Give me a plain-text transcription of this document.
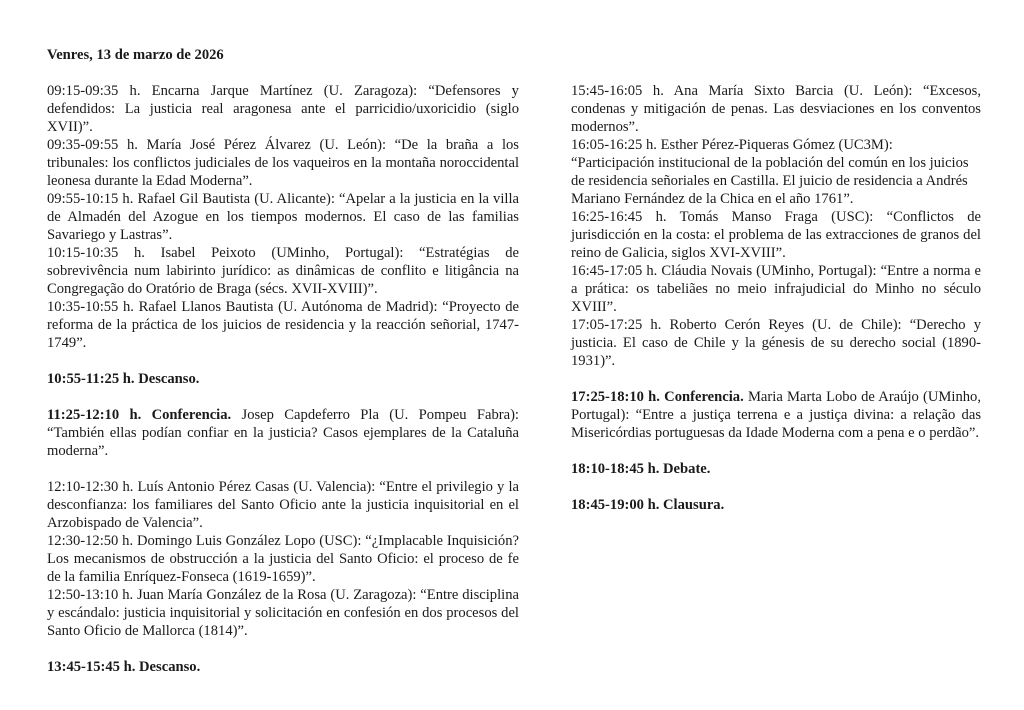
Venres, 13 de marzo de 2026

09:15-09:35 h. Encarna Jarque Martínez (U. Zaragoza): “Defensores y defendidos: La justicia real aragonesa ante el parricidio/uxoricidio (siglo XVII)”.

09:35-09:55 h. María José Pérez Álvarez (U. León): “De la braña a los tribunales: los conflictos judiciales de los vaqueiros en la montaña noroccidental leonesa durante la Edad Moderna”.

09:55-10:15 h. Rafael Gil Bautista (U. Alicante): “Apelar a la justicia en la villa de Almadén del Azogue en los tiempos modernos. El caso de las familias Savariego y Lastras”.

10:15-10:35 h. Isabel Peixoto (UMinho, Portugal): “Estratégias de sobrevivência num labirinto jurídico: as dinâmicas de conflito e litigância na Congregação do Oratório de Braga (sécs. XVII-XVIII)”.

10:35-10:55 h. Rafael Llanos Bautista (U. Autónoma de Madrid): “Proyecto de reforma de la práctica de los juicios de residencia y la reacción señorial, 1747-1749”.

10:55-11:25 h. Descanso.

11:25-12:10 h. Conferencia. Josep Capdeferro Pla (U. Pompeu Fabra): “También ellas podían confiar en la justicia? Casos ejemplares de la Cataluña moderna”.

12:10-12:30 h. Luís Antonio Pérez Casas (U. Valencia): “Entre el privilegio y la desconfianza: los familiares del Santo Oficio ante la justicia inquisitorial en el Arzobispado de Valencia”.

12:30-12:50 h. Domingo Luis González Lopo (USC): “¿Implacable Inquisición? Los mecanismos de obstrucción a la justicia del Santo Oficio: el proceso de fe de la familia Enríquez-Fonseca (1619-1659)”.

12:50-13:10 h. Juan María González de la Rosa (U. Zaragoza): “Entre disciplina y escándalo: justicia inquisitorial y solicitación en confesión en dos procesos del Santo Oficio de Mallorca (1814)”.

13:45-15:45 h. Descanso.

15:45-16:05 h. Ana María Sixto Barcia (U. León): “Excesos, condenas y mitigación de penas. Las desviaciones en los conventos modernos”.

16:05-16:25 h. Esther Pérez-Piqueras Gómez (UC3M):
“Participación institucional de la población del común en los juicios de residencia señoriales en Castilla. El juicio de residencia a Andrés Mariano Fernández de la Chica en el año 1761”.

16:25-16:45 h. Tomás Manso Fraga (USC): “Conflictos de jurisdicción en la costa: el problema de las extracciones de granos del reino de Galicia, siglos XVI-XVIII”.

16:45-17:05 h. Cláudia Novais (UMinho, Portugal): “Entre a norma e a prática: os tabeliães no meio infrajudicial do Minho no século XVIII”.

17:05-17:25 h. Roberto Cerón Reyes (U. de Chile): “Derecho y justicia. El caso de Chile y la génesis de su derecho social (1890-1931)”.

17:25-18:10 h. Conferencia. Maria Marta Lobo de Araújo (UMinho, Portugal): “Entre a justiça terrena e a justiça divina: a relação das Misericórdias portuguesas da Idade Moderna com a pena e o perdão”.

18:10-18:45 h. Debate.

18:45-19:00 h. Clausura.
